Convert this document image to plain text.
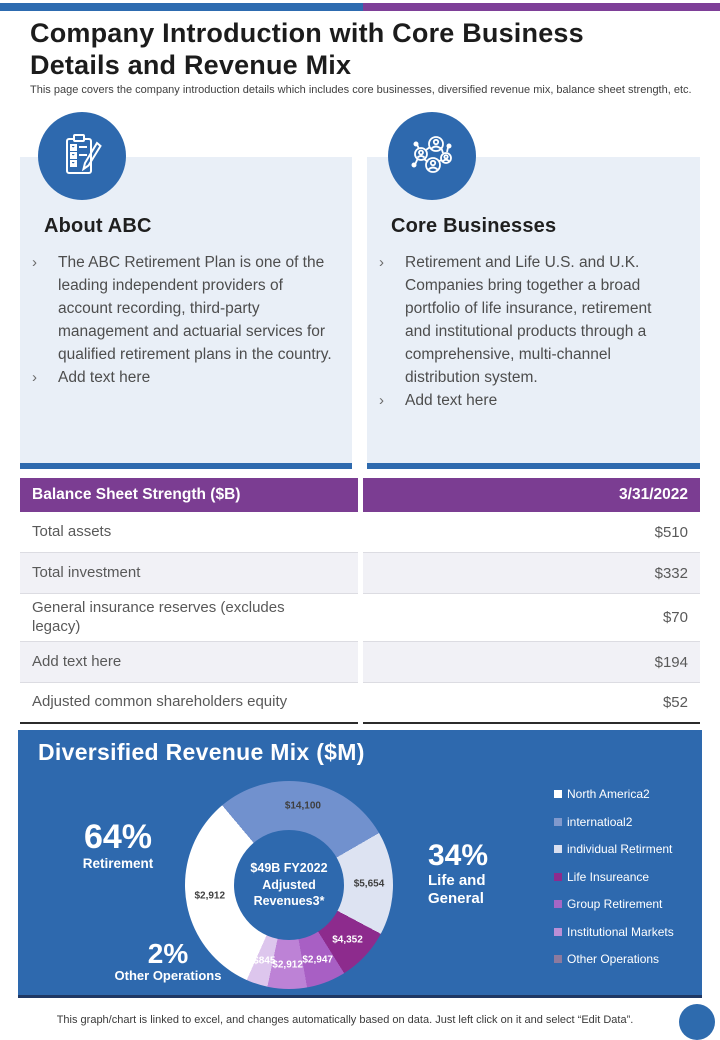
Company Introduction with Core Business Details and Revenue Mix

This page covers the company introduction details which includes core businesses, diversified revenue mix, balance sheet strength, etc.

About ABC
›	The ABC Retirement Plan is one of the leading independent providers of account recording, third-party management and actuarial services for qualified retirement plans in the country.
›	Add text here
Core Businesses
›	Retirement and Life U.S. and U.K. Companies bring together a broad portfolio of life insurance, retirement and institutional products through a comprehensive, multi-channel distribution system.
›	Add text here
Balance Sheet Strength ($B)	3/31/2022
Total assets	$510
Total investment	$332
General insurance reserves (excludes legacy)	$70
Add text here	$194
Adjusted common shareholders equity	$52
Diversified Revenue Mix ($M)
64%
Retirement	$49B FY2022 Adjusted Revenues3*
$14,100
$5,654
$4,352
$2,947
$2,912
$845
$2,912
34%
Life and General
2%
Other Operations
North America2
internatioal2
individual Retirment
Life Insureance
Group Retirement
Institutional Markets
Other Operations

This graph/chart is linked to excel, and changes automatically based on data. Just left click on it and select “Edit Data”.
